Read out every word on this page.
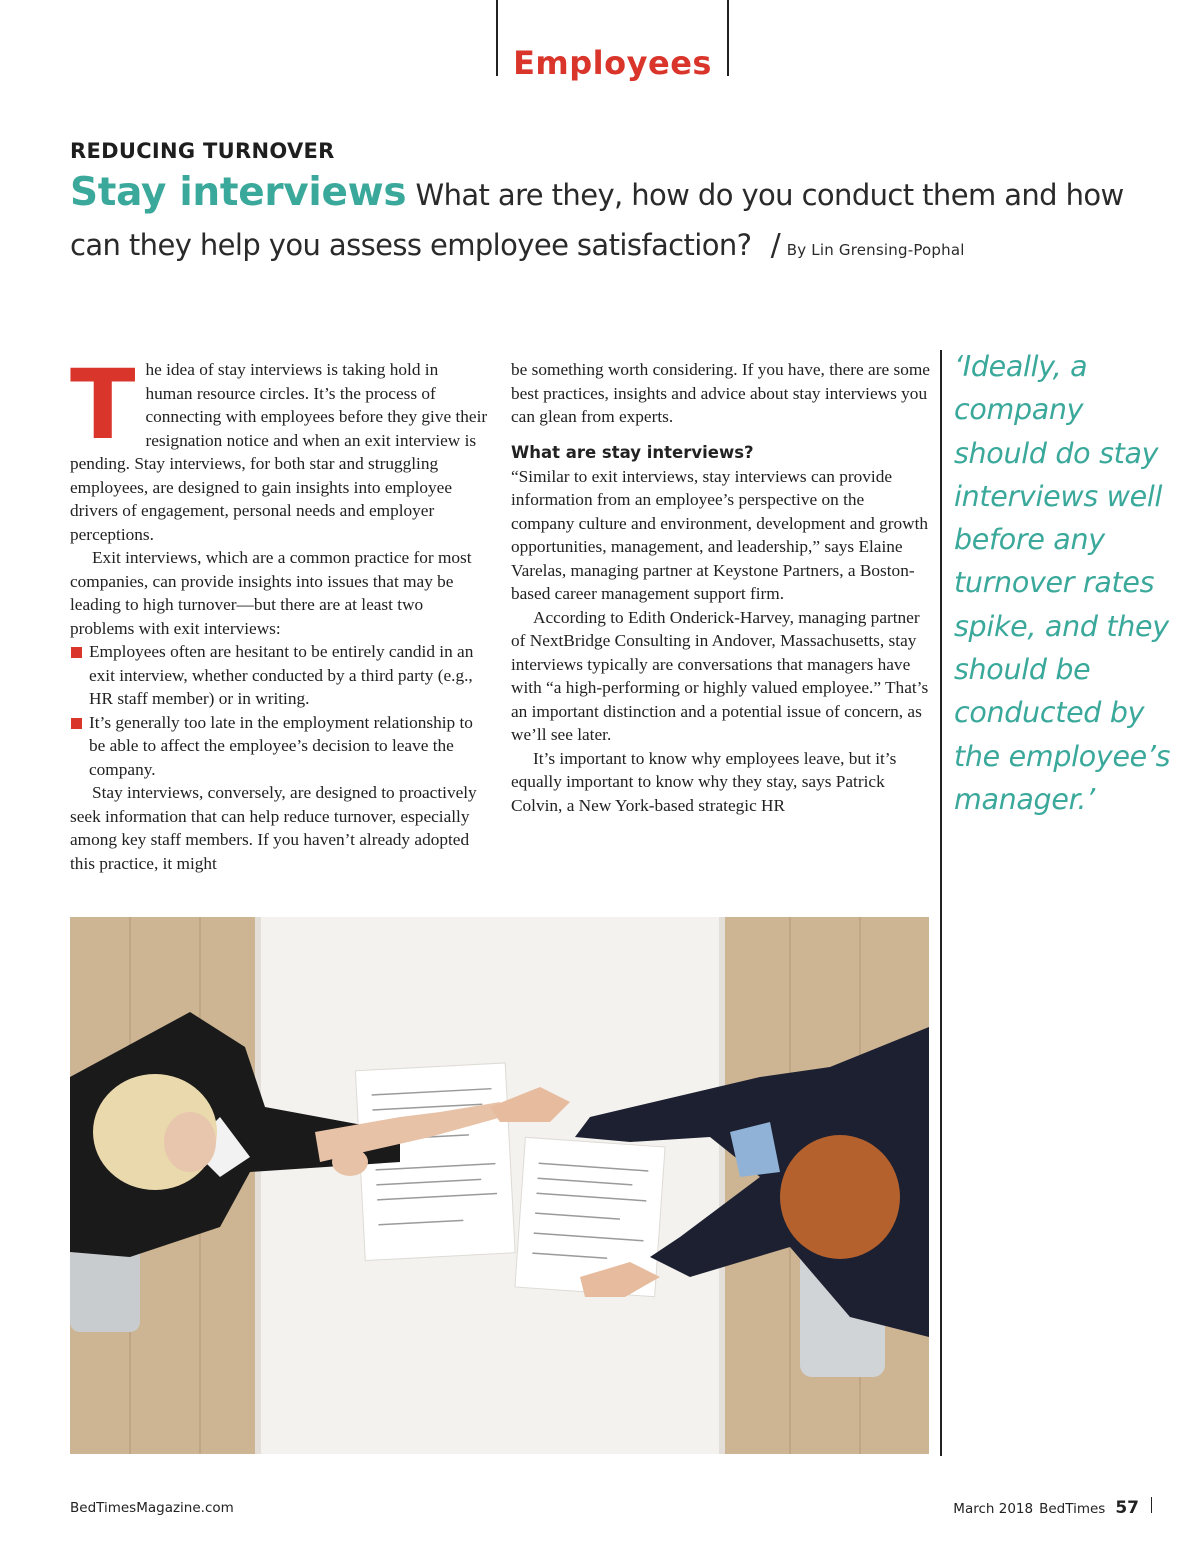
Employees
REDUCING TURNOVER
Stay interviews What are they, how do you conduct them and how can they help you assess employee satisfaction? / By Lin Grensing-Pophal

The idea of stay interviews is taking hold in human resource circles. It’s the process of connecting with employees before they give their resignation notice and when an exit interview is pending. Stay interviews, for both star and struggling employees, are designed to gain insights into employee drivers of engagement, personal needs and employer perceptions.

Exit interviews, which are a common practice for most companies, can provide insights into issues that may be leading to high turnover—but there are at least two problems with exit interviews:

Employees often are hesitant to be entirely candid in an exit interview, whether conducted by a third party (e.g., HR staff member) or in writing.
It’s generally too late in the employment relationship to be able to affect the employee’s decision to leave the company.

Stay interviews, conversely, are designed to proactively seek information that can help reduce turnover, especially among key staff members. If you haven’t already adopted this practice, it might

be something worth considering. If you have, there are some best practices, insights and advice about stay interviews you can glean from experts.

What are stay interviews?

“Similar to exit interviews, stay interviews can provide information from an employee’s perspective on the company culture and environment, development and growth opportunities, management, and leadership,” says Elaine Varelas, managing partner at Keystone Partners, a Boston-based career management support firm.

According to Edith Onderick-Harvey, managing partner of NextBridge Consulting in Andover, Massachusetts, stay interviews typically are conversations that managers have with “a high-performing or highly valued employee.” That’s an important distinction and a potential issue of concern, as we’ll see later.

It’s important to know why employees leave, but it’s equally important to know why they stay, says Patrick Colvin, a New York-based strategic HR

‘Ideally, a company should do stay interviews well before any turnover rates spike, and they should be conducted by the employee’s manager.’
BedTimesMagazine.com	March 2018 BedTimes 57
